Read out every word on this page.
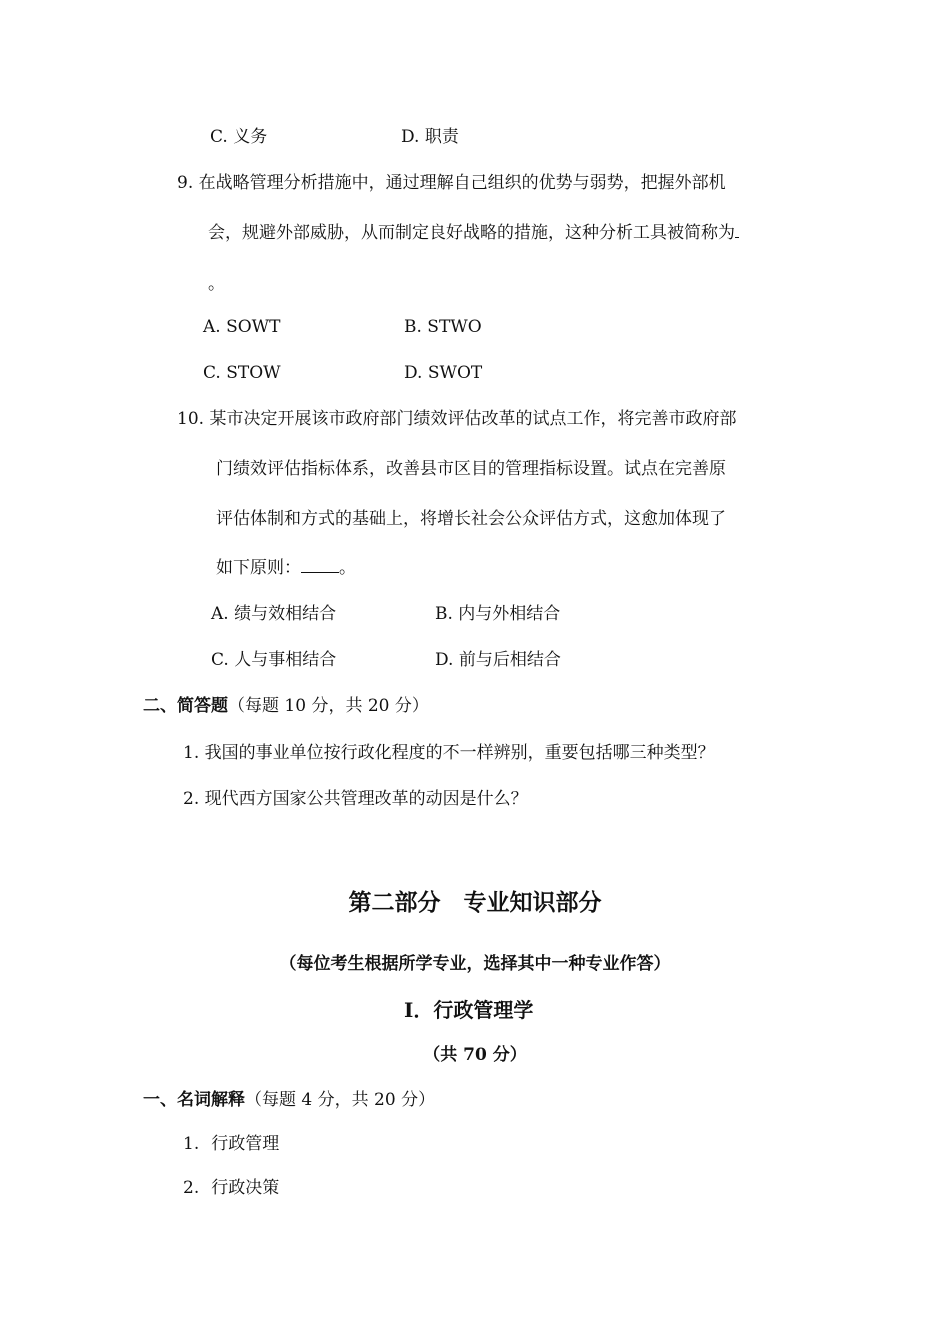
C. 义务	D. 职责
9. 在战略管理分析措施中，通过理解自己组织的优势与弱势，把握外部机
会，规避外部威胁，从而制定良好战略的措施，这种分析工具被简称为
。
A. SOWT	B. STWO
C. STOW	D. SWOT
10. 某市决定开展该市政府部门绩效评估改革的试点工作，将完善市政府部
门绩效评估指标体系，改善县市区目的管理指标设置。试点在完善原
评估体制和方式的基础上，将增长社会公众评估方式，这愈加体现了
如下原则： 。
A. 绩与效相结合	B. 内与外相结合
C. 人与事相结合	D. 前与后相结合
二、简答题（每题 10 分，共 20 分）
1. 我国的事业单位按行政化程度的不一样辨别，重要包括哪三种类型？
2. 现代西方国家公共管理改革的动因是什么？
第二部分　专业知识部分
（每位考生根据所学专业，选择其中一种专业作答）
Ⅰ．行政管理学
（共 70 分）
一、名词解释（每题 4 分，共 20 分）
1. 行政管理
2. 行政决策
